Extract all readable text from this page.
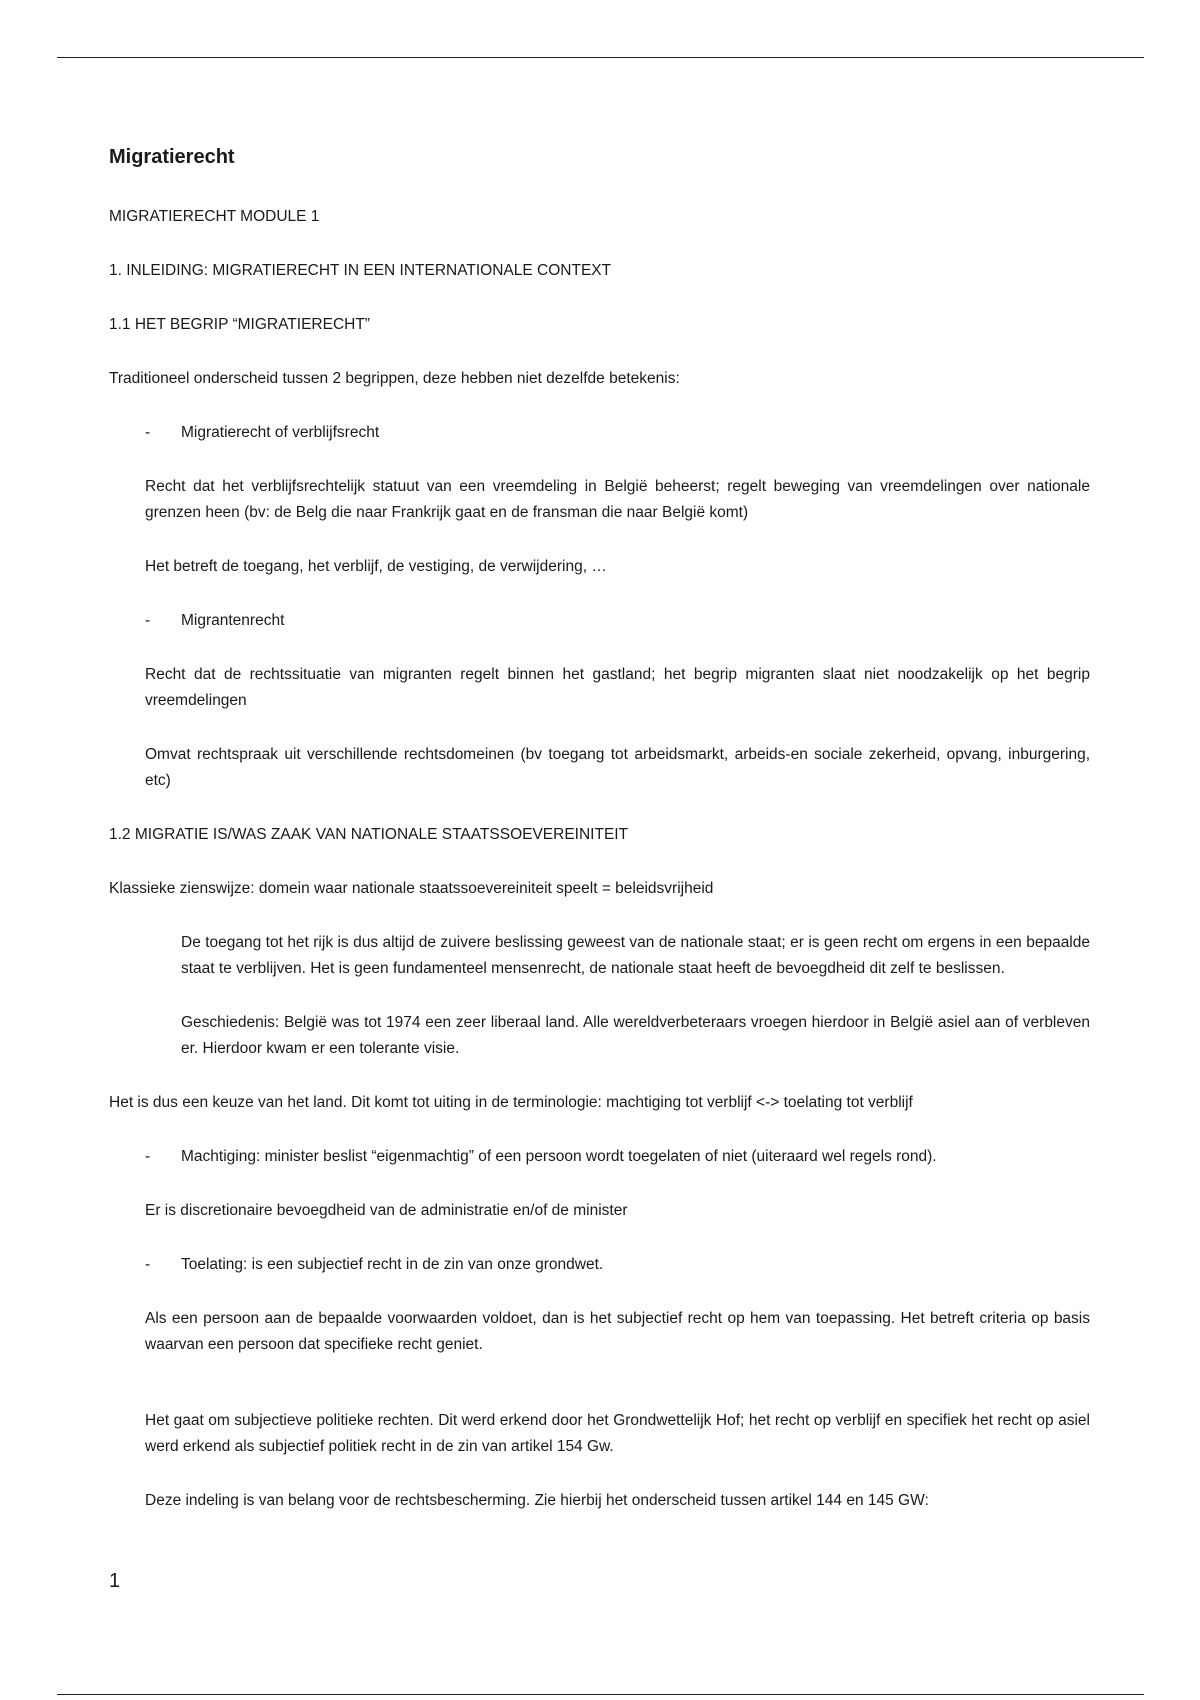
Migratierecht
MIGRATIERECHT MODULE 1
1. INLEIDING: MIGRATIERECHT IN EEN INTERNATIONALE CONTEXT
1.1 HET BEGRIP “MIGRATIERECHT”
Traditioneel onderscheid tussen 2 begrippen, deze hebben niet dezelfde betekenis:
- Migratierecht of verblijfsrecht
Recht dat het verblijfsrechtelijk statuut van een vreemdeling in België beheerst; regelt beweging van vreemdelingen over nationale grenzen heen (bv: de Belg die naar Frankrijk gaat en de fransman die naar België komt)
Het betreft de toegang, het verblijf, de vestiging, de verwijdering, …
- Migrantenrecht
Recht dat de rechtssituatie van migranten regelt binnen het gastland; het begrip migranten slaat niet noodzakelijk op het begrip vreemdelingen
Omvat rechtspraak uit verschillende rechtsdomeinen (bv toegang tot arbeidsmarkt, arbeids-en sociale zekerheid, opvang, inburgering, etc)
1.2 MIGRATIE IS/WAS ZAAK VAN NATIONALE STAATSSOEVEREINITEIT
Klassieke zienswijze: domein waar nationale staatssoevereiniteit speelt = beleidsvrijheid
De toegang tot het rijk is dus altijd de zuivere beslissing geweest van de nationale staat; er is geen recht om ergens in een bepaalde staat te verblijven. Het is geen fundamenteel mensenrecht, de nationale staat heeft de bevoegdheid dit zelf te beslissen.
Geschiedenis: België was tot 1974 een zeer liberaal land. Alle wereldverbeteraars vroegen hierdoor in België asiel aan of verbleven er. Hierdoor kwam er een tolerante visie.
Het is dus een keuze van het land. Dit komt tot uiting in de terminologie: machtiging tot verblijf <-> toelating tot verblijf
- Machtiging: minister beslist “eigenmachtig” of een persoon wordt toegelaten of niet (uiteraard wel regels rond).
Er is discretionaire bevoegdheid van de administratie en/of de minister
- Toelating: is een subjectief recht in de zin van onze grondwet.
Als een persoon aan de bepaalde voorwaarden voldoet, dan is het subjectief recht op hem van toepassing. Het betreft criteria op basis waarvan een persoon dat specifieke recht geniet.
Het gaat om subjectieve politieke rechten. Dit werd erkend door het Grondwettelijk Hof; het recht op verblijf en specifiek het recht op asiel werd erkend als subjectief politiek recht in de zin van artikel 154 Gw.
Deze indeling is van belang voor de rechtsbescherming. Zie hierbij het onderscheid tussen artikel 144 en 145 GW:
1
